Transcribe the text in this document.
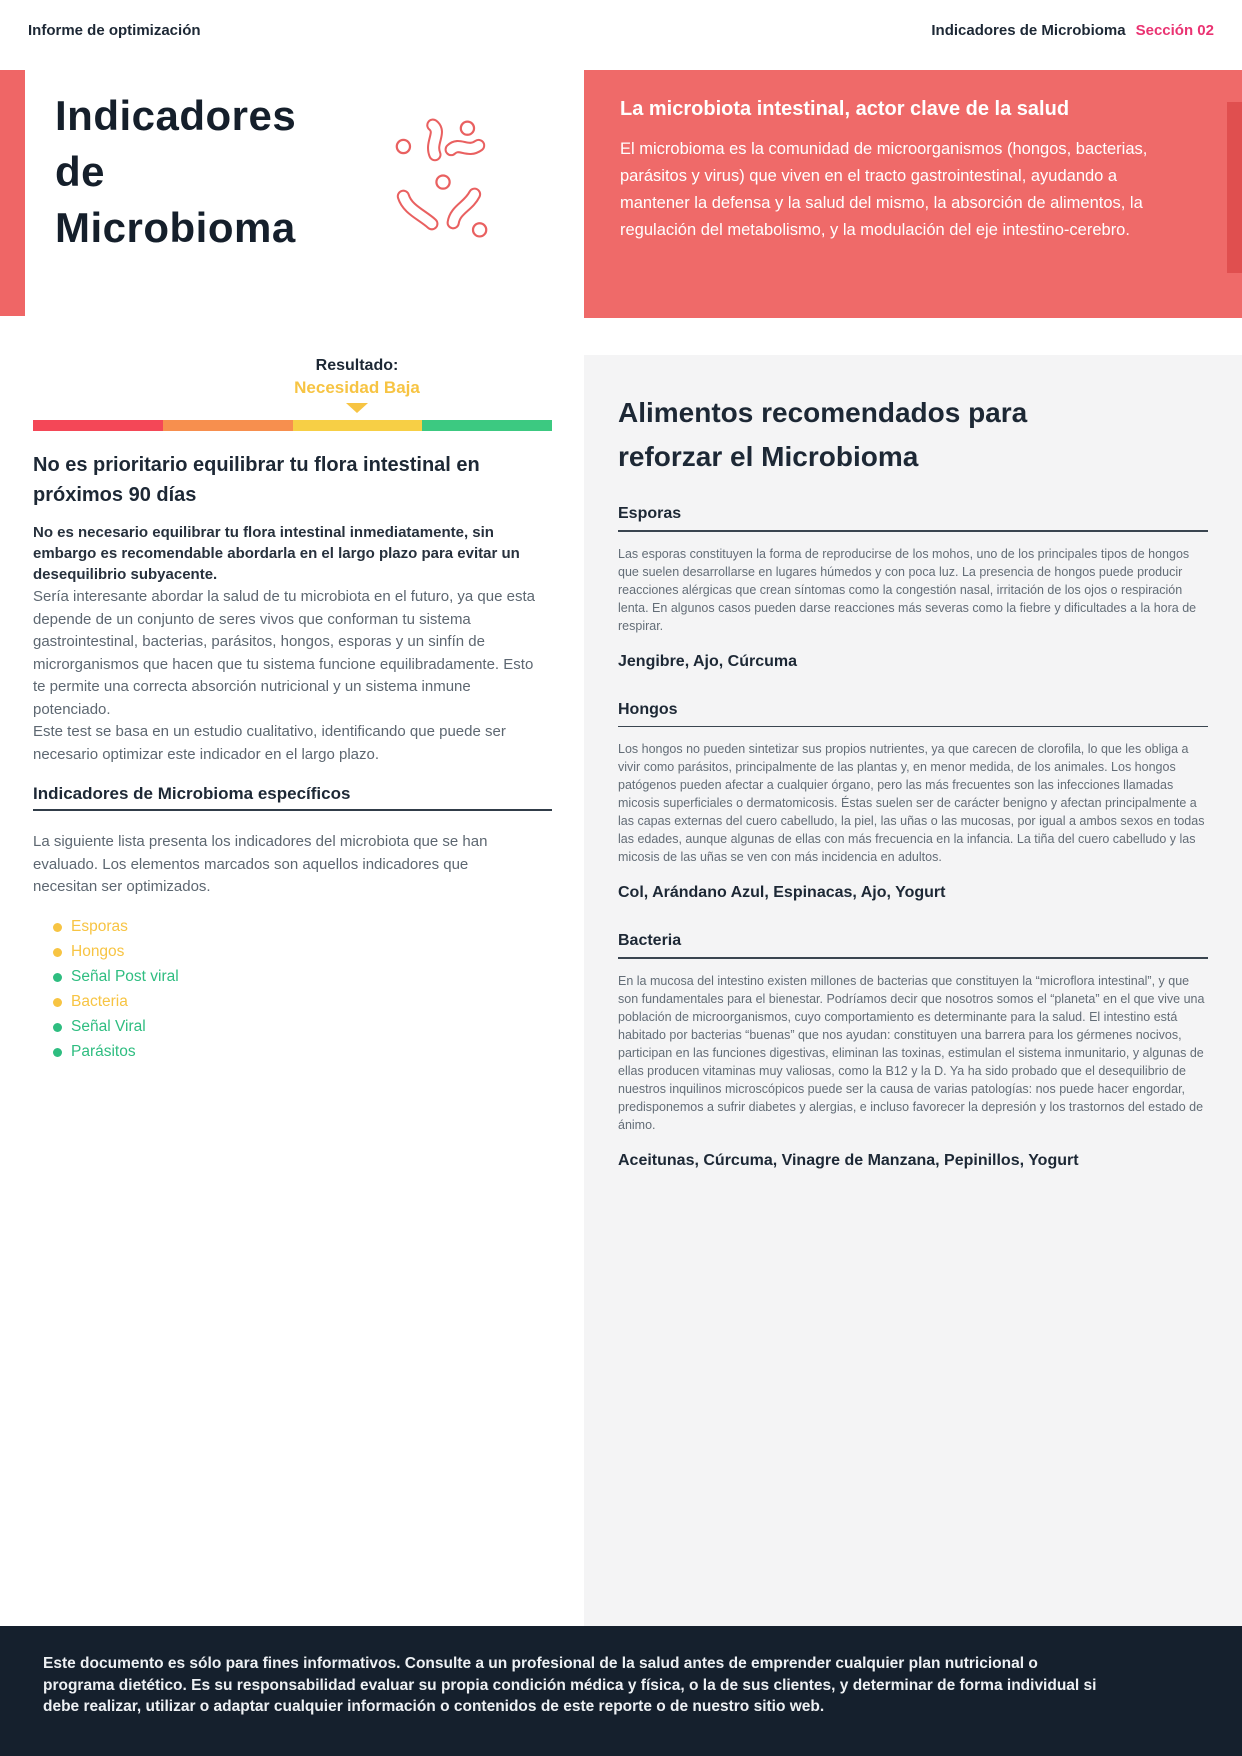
Informe de optimización	Indicadores de Microbioma Sección 02
Indicadores de Microbioma
La microbiota intestinal, actor clave de la salud

El microbioma es la comunidad de microorganismos (hongos, bacterias, parásitos y virus) que viven en el tracto gastrointestinal, ayudando a mantener la defensa y la salud del mismo, la absorción de alimentos, la regulación del metabolismo, y la modulación del eje intestino-cerebro.

Resultado:
Necesidad Baja
No es prioritario equilibrar tu flora intestinal en próximos 90 días
No es necesario equilibrar tu flora intestinal inmediatamente, sin embargo es recomendable abordarla en el largo plazo para evitar un desequilibrio subyacente.

Sería interesante abordar la salud de tu microbiota en el futuro, ya que esta depende de un conjunto de seres vivos que conforman tu sistema gastrointestinal, bacterias, parásitos, hongos, esporas y un sinfín de microrganismos que hacen que tu sistema funcione equilibradamente. Esto te permite una correcta absorción nutricional y un sistema inmune potenciado.

Este test se basa en un estudio cualitativo, identificando que puede ser necesario optimizar este indicador en el largo plazo.

Indicadores de Microbioma específicos
La siguiente lista presenta los indicadores del microbiota que se han evaluado. Los elementos marcados son aquellos indicadores que necesitan ser optimizados.
Esporas
Hongos
Señal Post viral
Bacteria
Señal Viral
Parásitos
Alimentos recomendados para reforzar el Microbioma
Esporas

Las esporas constituyen la forma de reproducirse de los mohos, uno de los principales tipos de hongos que suelen desarrollarse en lugares húmedos y con poca luz. La presencia de hongos puede producir reacciones alérgicas que crean síntomas como la congestión nasal, irritación de los ojos o respiración lenta. En algunos casos pueden darse reacciones más severas como la fiebre y dificultades a la hora de respirar.

Jengibre, Ajo, Cúrcuma

Hongos

Los hongos no pueden sintetizar sus propios nutrientes, ya que carecen de clorofila, lo que les obliga a vivir como parásitos, principalmente de las plantas y, en menor medida, de los animales. Los hongos patógenos pueden afectar a cualquier órgano, pero las más frecuentes son las infecciones llamadas micosis superficiales o dermatomicosis. Éstas suelen ser de carácter benigno y afectan principalmente a las capas externas del cuero cabelludo, la piel, las uñas o las mucosas, por igual a ambos sexos en todas las edades, aunque algunas de ellas con más frecuencia en la infancia. La tiña del cuero cabelludo y las micosis de las uñas se ven con más incidencia en adultos.

Col, Arándano Azul, Espinacas, Ajo, Yogurt

Bacteria

En la mucosa del intestino existen millones de bacterias que constituyen la “microflora intestinal”, y que son fundamentales para el bienestar. Podríamos decir que nosotros somos el “planeta” en el que vive una población de microorganismos, cuyo comportamiento es determinante para la salud. El intestino está habitado por bacterias “buenas” que nos ayudan: constituyen una barrera para los gérmenes nocivos, participan en las funciones digestivas, eliminan las toxinas, estimulan el sistema inmunitario, y algunas de ellas producen vitaminas muy valiosas, como la B12 y la D. Ya ha sido probado que el desequilibrio de nuestros inquilinos microscópicos puede ser la causa de varias patologías: nos puede hacer engordar, predisponemos a sufrir diabetes y alergias, e incluso favorecer la depresión y los trastornos del estado de ánimo.

Aceitunas, Cúrcuma, Vinagre de Manzana, Pepinillos, Yogurt

Este documento es sólo para fines informativos. Consulte a un profesional de la salud antes de emprender cualquier plan nutricional o programa dietético. Es su responsabilidad evaluar su propia condición médica y física, o la de sus clientes, y determinar de forma individual si debe realizar, utilizar o adaptar cualquier información o contenidos de este reporte o de nuestro sitio web.
